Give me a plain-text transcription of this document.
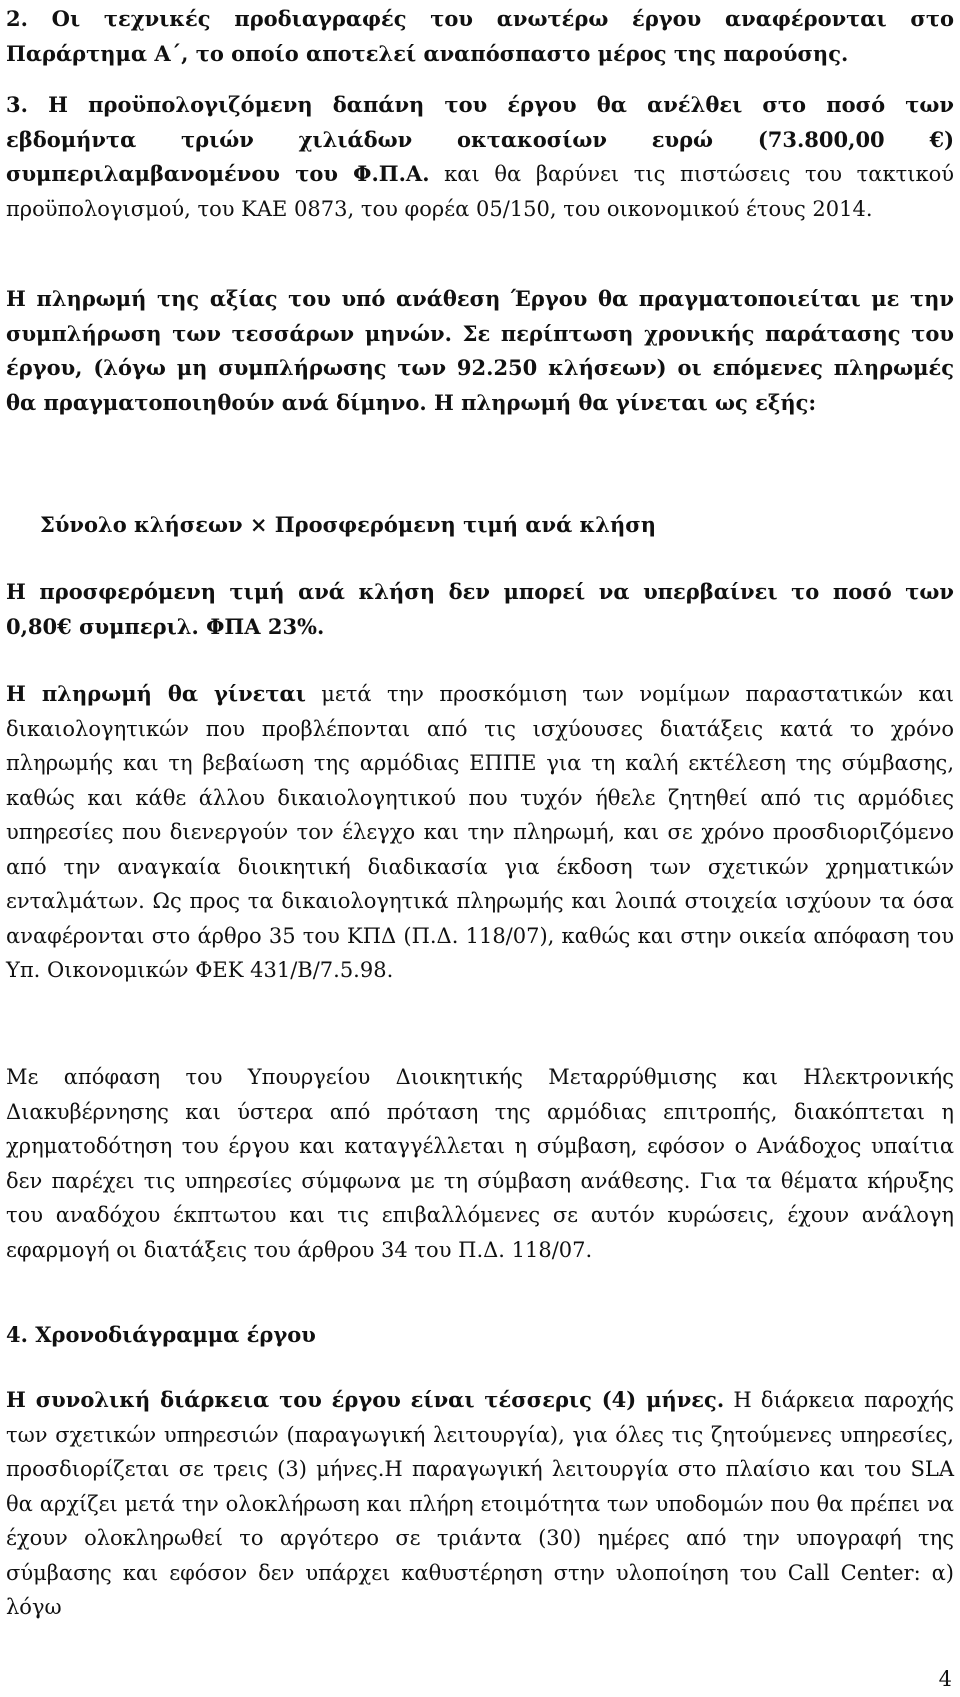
2. Οι τεχνικές προδιαγραφές του ανωτέρω έργου αναφέρονται στο Παράρτημα Α΄, το οποίο αποτελεί αναπόσπαστο μέρος της παρούσης.

3. Η προϋπολογιζόμενη δαπάνη του έργου θα ανέλθει στο ποσό των εβδομήντα τριών χιλιάδων οκτακοσίων ευρώ (73.800,00 €) συμπεριλαμβανομένου του Φ.Π.Α. και θα βαρύνει τις πιστώσεις του τακτικού προϋπολογισμού, του ΚΑΕ 0873, του φορέα 05/150, του οικονομικού έτους 2014.

Η πληρωμή της αξίας του υπό ανάθεση Έργου θα πραγματοποιείται με την συμπλήρωση των τεσσάρων μηνών. Σε περίπτωση χρονικής παράτασης του έργου, (λόγω μη συμπλήρωσης των 92.250 κλήσεων) οι επόμενες πληρωμές θα πραγματοποιηθούν ανά δίμηνο. Η πληρωμή θα γίνεται ως εξής:

Σύνολο κλήσεων × Προσφερόμενη τιμή ανά κλήση

Η προσφερόμενη τιμή ανά κλήση δεν μπορεί να υπερβαίνει το ποσό των 0,80€ συμπεριλ. ΦΠΑ 23%.

Η πληρωμή θα γίνεται μετά την προσκόμιση των νομίμων παραστατικών και δικαιολογητικών που προβλέπονται από τις ισχύουσες διατάξεις κατά το χρόνο πληρωμής και τη βεβαίωση της αρμόδιας ΕΠΠΕ για τη καλή εκτέλεση της σύμβασης, καθώς και κάθε άλλου δικαιολογητικού που τυχόν ήθελε ζητηθεί από τις αρμόδιες υπηρεσίες που διενεργούν τον έλεγχο και την πληρωμή, και σε χρόνο προσδιοριζόμενο από την αναγκαία διοικητική διαδικασία για έκδοση των σχετικών χρηματικών ενταλμάτων. Ως προς τα δικαιολογητικά πληρωμής και λοιπά στοιχεία ισχύουν τα όσα αναφέρονται στο άρθρο 35 του ΚΠΔ (Π.Δ. 118/07), καθώς και στην οικεία απόφαση του Υπ. Οικονομικών ΦΕΚ 431/Β/7.5.98.

Με απόφαση του Υπουργείου Διοικητικής Μεταρρύθμισης και Ηλεκτρονικής Διακυβέρνησης και ύστερα από πρόταση της αρμόδιας επιτροπής, διακόπτεται η χρηματοδότηση του έργου και καταγγέλλεται η σύμβαση, εφόσον ο Ανάδοχος υπαίτια δεν παρέχει τις υπηρεσίες σύμφωνα με τη σύμβαση ανάθεσης. Για τα θέματα κήρυξης του αναδόχου έκπτωτου και τις επιβαλλόμενες σε αυτόν κυρώσεις, έχουν ανάλογη εφαρμογή οι διατάξεις του άρθρου 34 του Π.Δ. 118/07.

4. Χρονοδιάγραμμα έργου

Η συνολική διάρκεια του έργου είναι τέσσερις (4) μήνες. Η διάρκεια παροχής των σχετικών υπηρεσιών (παραγωγική λειτουργία), για όλες τις ζητούμενες υπηρεσίες, προσδιορίζεται σε τρεις (3) μήνες.Η παραγωγική λειτουργία στο πλαίσιο και του SLA θα αρχίζει μετά την ολοκλήρωση και πλήρη ετοιμότητα των υποδομών που θα πρέπει να έχουν ολοκληρωθεί το αργότερο σε τριάντα (30) ημέρες από την υπογραφή της σύμβασης και εφόσον δεν υπάρχει καθυστέρηση στην υλοποίηση του Call Center: α) λόγω

4
